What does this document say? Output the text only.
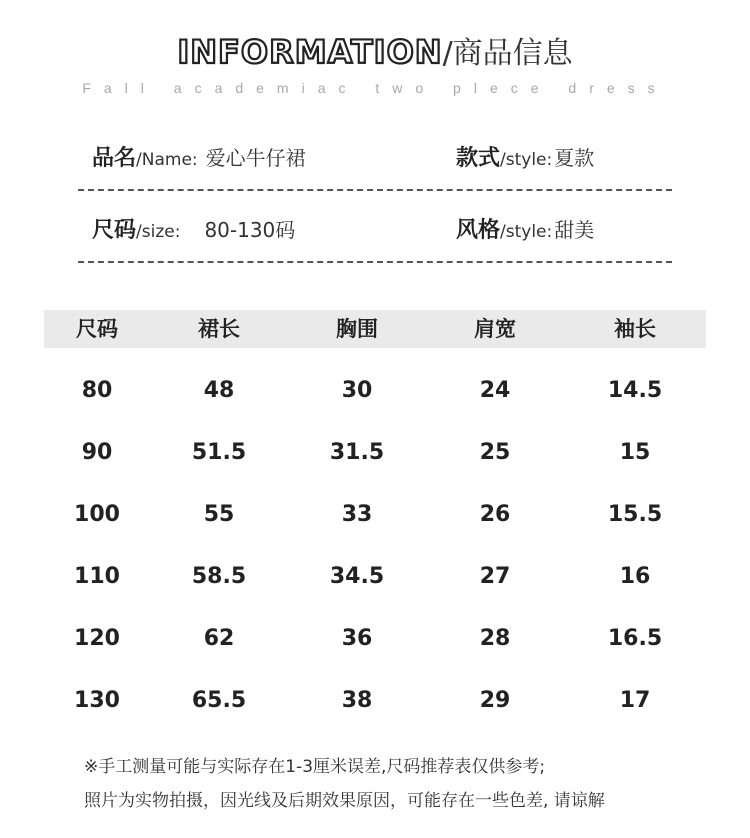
INFORMATION/商品信息
Fall academiac two plece dress
品名/Name: 爱心牛仔裙	款式/style: 夏款
尺码/size: 80-130码	风格/style: 甜美
尺码	裙长	胸围	肩宽	袖长
80	48	30	24	14.5
90	51.5	31.5	25	15
100	55	33	26	15.5
110	58.5	34.5	27	16
120	62	36	28	16.5
130	65.5	38	29	17
※手工测量可能与实际存在1-3厘米误差,尺码推荐表仅供参考;
照片为实物拍摄，因光线及后期效果原因，可能存在一些色差, 请谅解
